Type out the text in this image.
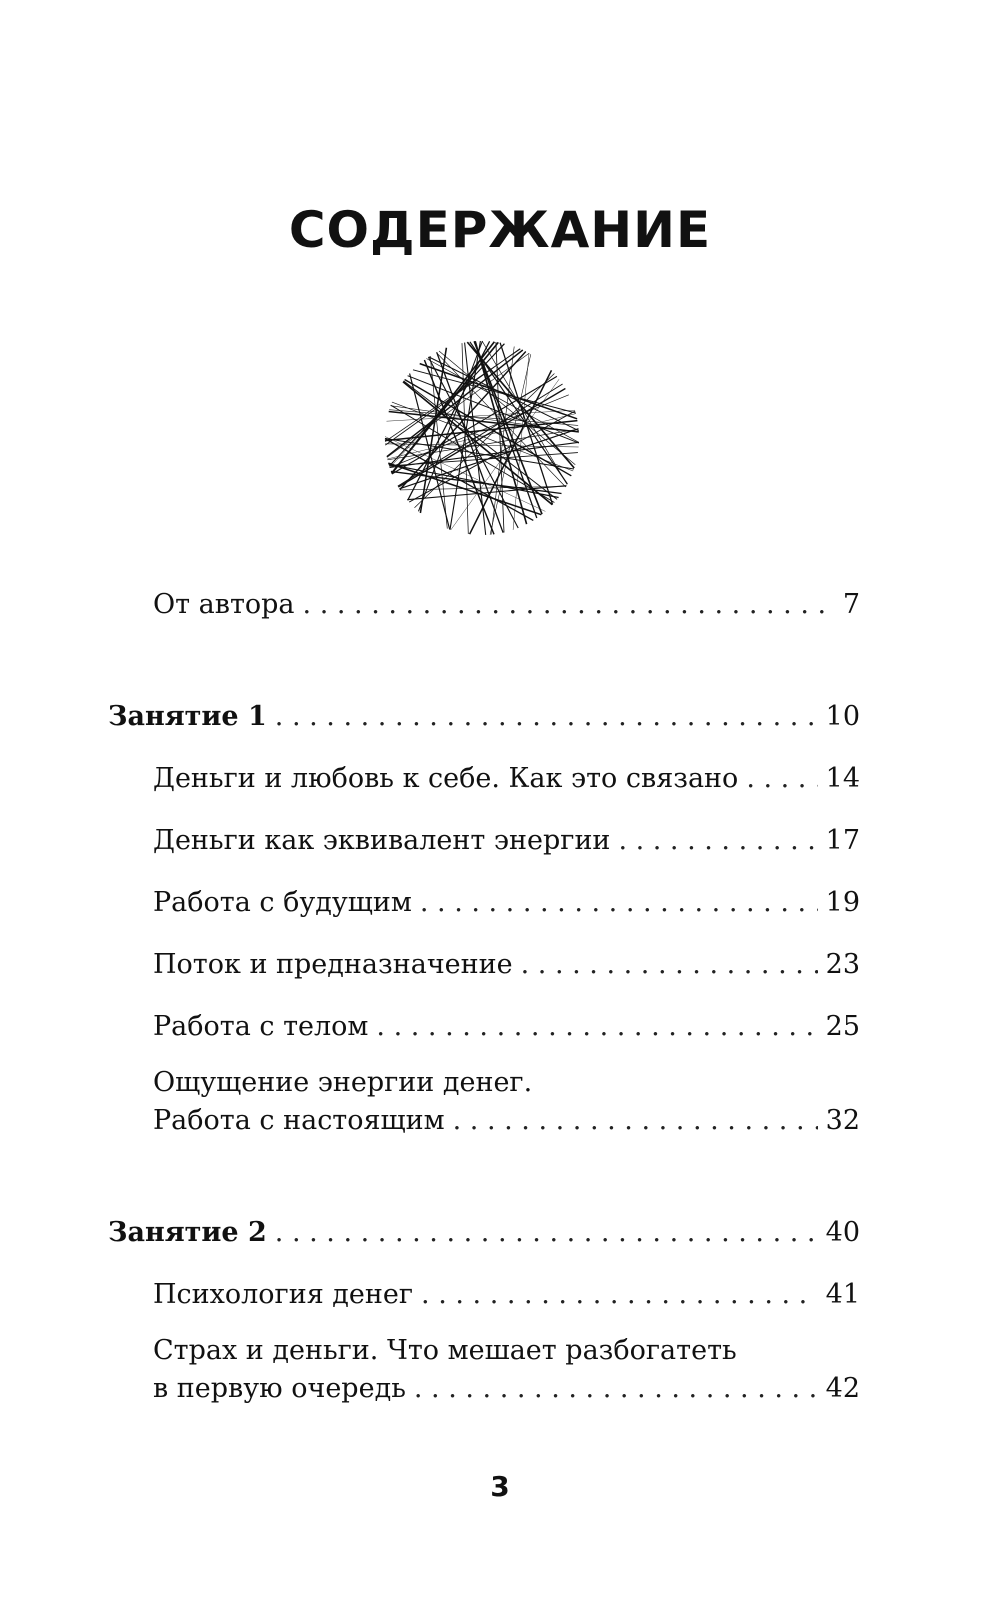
СОДЕРЖАНИЕ
От автора . . .	7
Занятие 1 . . .	10
Деньги и любовь к себе. Как это связано . . .	14
Деньги как эквивалент энергии . . .	17
Работа с будущим . . .	19
Поток и предназначение . . .	23
Работа с телом . . .	25
Ощущение энергии денег.
Работа с настоящим . . .	32
Занятие 2 . . .	40
Психология денег . . .	41
Страх и деньги. Что мешает разбогатеть
в первую очередь . . .	42
3
